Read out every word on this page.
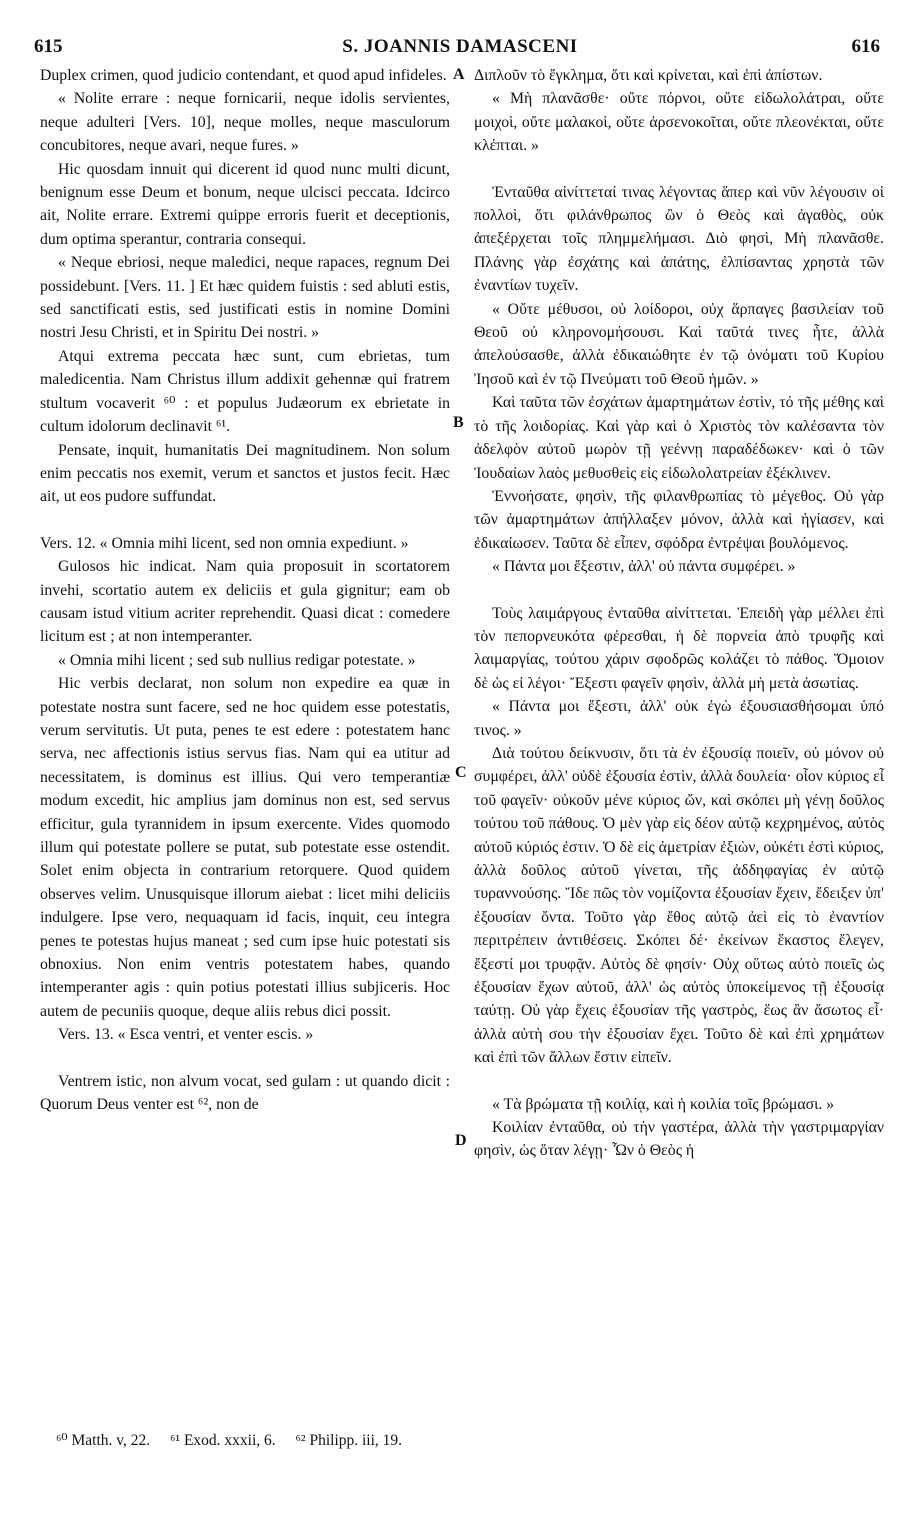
615	S. JOANNIS DAMASCENI	616

Duplex crimen, quod judicio contendant, et quod apud infideles.

« Nolite errare : neque fornicarii, neque idolis servientes, neque adulteri [Vers. 10], neque molles, neque masculorum concubitores, neque avari, neque fures. »

Hic quosdam innuit qui dicerent id quod nunc multi dicunt, benignum esse Deum et bonum, neque ulcisci peccata. Idcirco ait, Nolite errare. Extremi quippe erroris fuerit et deceptionis, dum optima sperantur, contraria consequi.

« Neque ebriosi, neque maledici, neque rapaces, regnum Dei possidebunt. [Vers. 11. ] Et hæc quidem fuistis : sed abluti estis, sed sanctificati estis, sed justificati estis in nomine Domini nostri Jesu Christi, et in Spiritu Dei nostri. »

Atqui extrema peccata hæc sunt, cum ebrietas, tum maledicentia. Nam Christus illum addixit gehennæ qui fratrem stultum vocaverit ⁶⁰ : et populus Judæorum ex ebrietate in cultum idolorum declinavit ⁶¹.

Pensate, inquit, humanitatis Dei magnitudinem. Non solum enim peccatis nos exemit, verum et sanctos et justos fecit. Hæc ait, ut eos pudore suffundat.

Vers. 12. « Omnia mihi licent, sed non omnia expediunt. »

Gulosos hic indicat. Nam quia proposuit in scortatorem invehi, scortatio autem ex deliciis et gula gignitur; eam ob causam istud vitium acriter reprehendit. Quasi dicat : comedere licitum est ; at non intemperanter.

« Omnia mihi licent ; sed sub nullius redigar potestate. »

Hic verbis declarat, non solum non expedire ea quæ in potestate nostra sunt facere, sed ne hoc quidem esse potestatis, verum servitutis. Ut puta, penes te est edere : potestatem hanc serva, nec affectionis istius servus fias. Nam qui ea utitur ad necessitatem, is dominus est illius. Qui vero temperantiæ modum excedit, hic amplius jam dominus non est, sed servus efficitur, gula tyrannidem in ipsum exercente. Vides quomodo illum qui potestate pollere se putat, sub potestate esse ostendit. Solet enim objecta in contrarium retorquere. Quod quidem observes velim. Unusquisque illorum aiebat : licet mihi deliciis indulgere. Ipse vero, nequaquam id facis, inquit, ceu integra penes te potestas hujus maneat ; sed cum ipse huic potestati sis obnoxius. Non enim ventris potestatem habes, quando intemperanter agis : quin potius potestati illius subjiceris. Hoc autem de pecuniis quoque, deque aliis rebus dici possit.

Vers. 13. « Esca ventri, et venter escis. »

Ventrem istic, non alvum vocat, sed gulam : ut quando dicit : Quorum Deus venter est ⁶², non de

Διπλοῦν τὸ ἔγκλημα, ὅτι καὶ κρίνεται, καὶ ἐπὶ ἀπίστων.

« Μὴ πλανᾶσθε· οὔτε πόρνοι, οὔτε εἰδωλολάτραι, οὔτε μοιχοὶ, οὔτε μαλακοὶ, οὔτε ἀρσενοκοῖται, οὔτε πλεονέκται, οὔτε κλέπται. »

Ἐνταῦθα αἰνίττεταί τινας λέγοντας ἅπερ καὶ νῦν λέγουσιν οἱ πολλοὶ, ὅτι φιλάνθρωπος ὢν ὁ Θεὸς καὶ ἀγαθὸς, οὐκ ἀπεξέρχεται τοῖς πλημμελήμασι. Διὸ φησὶ, Μὴ πλανᾶσθε. Πλάνης γὰρ ἐσχάτης καὶ ἀπάτης, ἐλπίσαντας χρηστὰ τῶν ἐναντίων τυχεῖν.

« Οὔτε μέθυσοι, οὐ λοίδοροι, οὐχ ἅρπαγες βασιλείαν τοῦ Θεοῦ οὐ κληρονομήσουσι. Καὶ ταῦτά τινες ἦτε, ἀλλὰ ἀπελούσασθε, ἀλλὰ ἐδικαιώθητε ἐν τῷ ὀνόματι τοῦ Κυρίου Ἰησοῦ καὶ ἐν τῷ Πνεύματι τοῦ Θεοῦ ἡμῶν. »

Καὶ ταῦτα τῶν ἐσχάτων ἁμαρτημάτων ἐστὶν, τό τῆς μέθης καὶ τὸ τῆς λοιδορίας. Καὶ γὰρ καὶ ὁ Χριστὸς τὸν καλέσαντα τὸν ἀδελφὸν αὐτοῦ μωρὸν τῇ γεέννῃ παραδέδωκεν· καὶ ὁ τῶν Ἰουδαίων λαὸς μεθυσθεὶς εἰς εἰδωλολατρείαν ἐξέκλινεν.

Ἐννοήσατε, φησὶν, τῆς φιλανθρωπίας τὸ μέγεθος. Οὐ γὰρ τῶν ἁμαρτημάτων ἀπήλλαξεν μόνον, ἀλλὰ καὶ ἡγίασεν, καὶ ἐδικαίωσεν. Ταῦτα δὲ εἶπεν, σφόδρα ἐντρέψαι βουλόμενος.

« Πάντα μοι ἔξεστιν, ἀλλ' οὐ πάντα συμφέρει. »

Τοὺς λαιμάργους ἐνταῦθα αἰνίττεται. Ἐπειδὴ γὰρ μέλλει ἐπὶ τὸν πεπορνευκότα φέρεσθαι, ἡ δὲ πορνεία ἀπὸ τρυφῆς καὶ λαιμαργίας, τούτου χάριν σφοδρῶς κολάζει τὸ πάθος. Ὅμοιον δὲ ὡς εἰ λέγοι· Ἔξεστι φαγεῖν φησὶν, ἀλλὰ μὴ μετὰ ἀσωτίας.

« Πάντα μοι ἔξεστι, ἀλλ' οὐκ ἐγὼ ἐξουσιασθήσομαι ὑπό τινος. »

Διὰ τούτου δείκνυσιν, ὅτι τὰ ἐν ἐξουσίᾳ ποιεῖν, οὐ μόνον οὐ συμφέρει, ἀλλ' οὐδὲ ἐξουσία ἐστὶν, ἀλλὰ δουλεία· οἷον κύριος εἶ τοῦ φαγεῖν· οὐκοῦν μένε κύριος ὤν, καὶ σκόπει μὴ γένῃ δοῦλος τούτου τοῦ πάθους. Ὁ μὲν γὰρ εἰς δέον αὐτῷ κεχρημένος, αὐτὸς αὐτοῦ κύριός ἐστιν. Ὁ δὲ εἰς ἀμετρίαν ἐξιὼν, οὐκέτι ἐστὶ κύριος, ἀλλὰ δοῦλος αὐτοῦ γίνεται, τῆς ἀδδηφαγίας ἐν αὐτῷ τυραννούσης. Ἴδε πῶς τὸν νομίζοντα ἐξουσίαν ἔχειν, ἔδειξεν ὑπ' ἐξουσίαν ὄντα. Τοῦτο γὰρ ἔθος αὐτῷ ἀεὶ εἰς τὸ ἐναντίον περιτρέπειν ἀντιθέσεις. Σκόπει δέ· ἐκείνων ἕκαστος ἔλεγεν, ἔξεστί μοι τρυφᾷν. Αὐτὸς δὲ φησίν· Οὐχ οὕτως αὐτὸ ποιεῖς ὡς ἐξουσίαν ἔχων αὐτοῦ, ἀλλ' ὡς αὐτὸς ὑποκείμενος τῇ ἐξουσίᾳ ταύτῃ. Οὐ γὰρ ἔχεις ἐξουσίαν τῆς γαστρὸς, ἕως ἂν ἄσωτος εἶ· ἀλλὰ αὐτὴ σου τὴν ἐξουσίαν ἔχει. Τοῦτο δὲ καὶ ἐπὶ χρημάτων καὶ ἐπὶ τῶν ἄλλων ἔστιν εἰπεῖν.

« Τὰ βρώματα τῇ κοιλίᾳ, καὶ ἡ κοιλία τοῖς βρώμασι. »

Κοιλίαν ἐνταῦθα, οὐ τὴν γαστέρα, ἀλλὰ τὴν γαστριμαργίαν φησὶν, ὡς ὅταν λέγῃ· Ὧν ὁ Θεὸς ἡ

A
B
C
D
⁶⁰ Matth. v, 22. ⁶¹ Exod. xxxii, 6. ⁶² Philipp. iii, 19.
